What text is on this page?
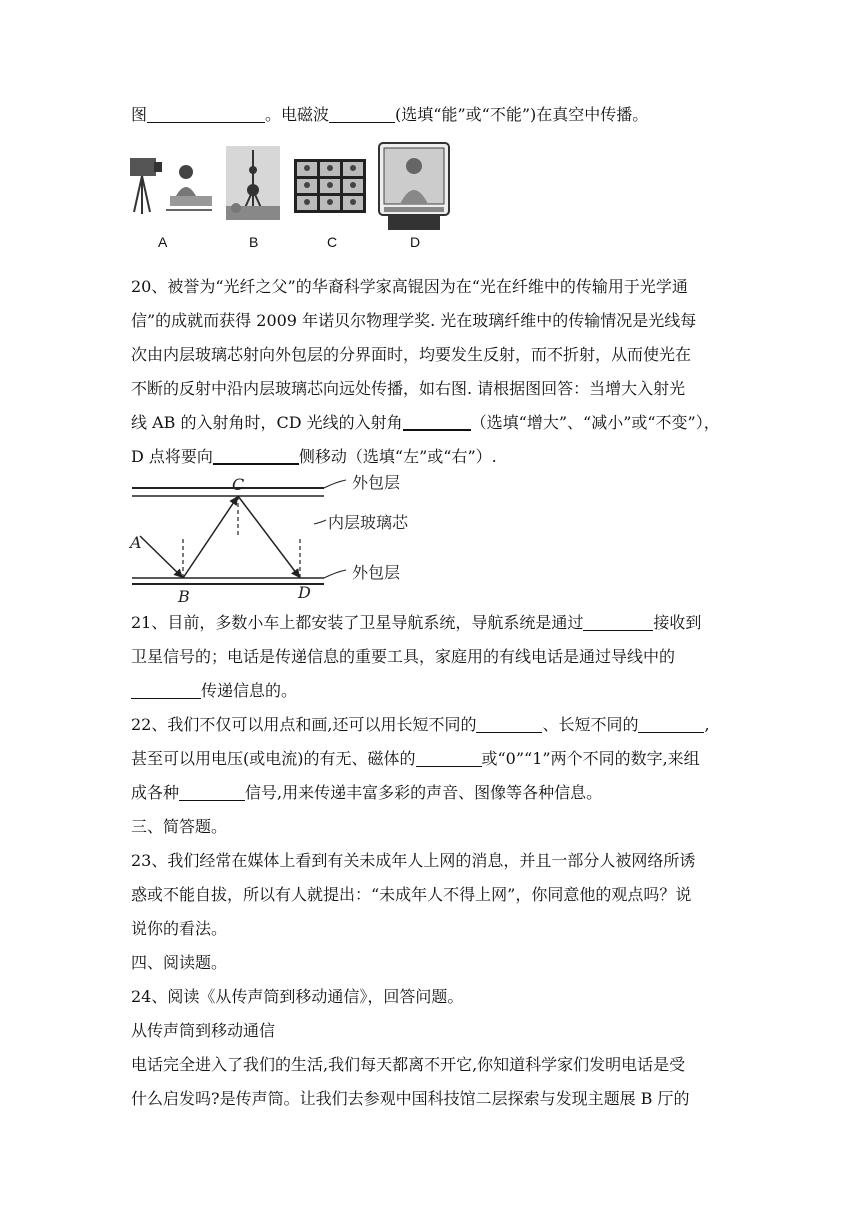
图	。电磁波	(选填“能”或“不能”)在真空中传播。
A	B	C	D
20、被誉为“光纤之父”的华裔科学家高锟因为在“光在纤维中的传输用于光学通
信”的成就而获得 2009 年诺贝尔物理学奖. 光在玻璃纤维中的传输情况是光线每
次由内层玻璃芯射向外包层的分界面时，均要发生反射，而不折射，从而使光在
不断的反射中沿内层玻璃芯向远处传播，如右图. 请根据图回答：当增大入射光
线 AB 的入射角时，CD 光线的入射角	（选填“增大”、“减小”或“不变”），
D 点将要向	侧移动（选填“左”或“右”）.
C
A
B	D
外包层
内层玻璃芯
外包层
21、目前，多数小车上都安装了卫星导航系统，导航系统是通过	接收到
卫星信号的；电话是传递信息的重要工具，家庭用的有线电话是通过导线中的
传递信息的。
22、我们不仅可以用点和画,还可以用长短不同的	、长短不同的	,
甚至可以用电压(或电流)的有无、磁体的	或“0”“1”两个不同的数字,来组
成各种	信号,用来传递丰富多彩的声音、图像等各种信息。
三、简答题。
23、我们经常在媒体上看到有关未成年人上网的消息，并且一部分人被网络所诱
惑或不能自拔，所以有人就提出：“未成年人不得上网”，你同意他的观点吗？说
说你的看法。
四、阅读题。
24、阅读《从传声筒到移动通信》，回答问题。
从传声筒到移动通信
电话完全进入了我们的生活,我们每天都离不开它,你知道科学家们发明电话是受
什么启发吗?是传声筒。让我们去参观中国科技馆二层探索与发现主题展 B 厅的
